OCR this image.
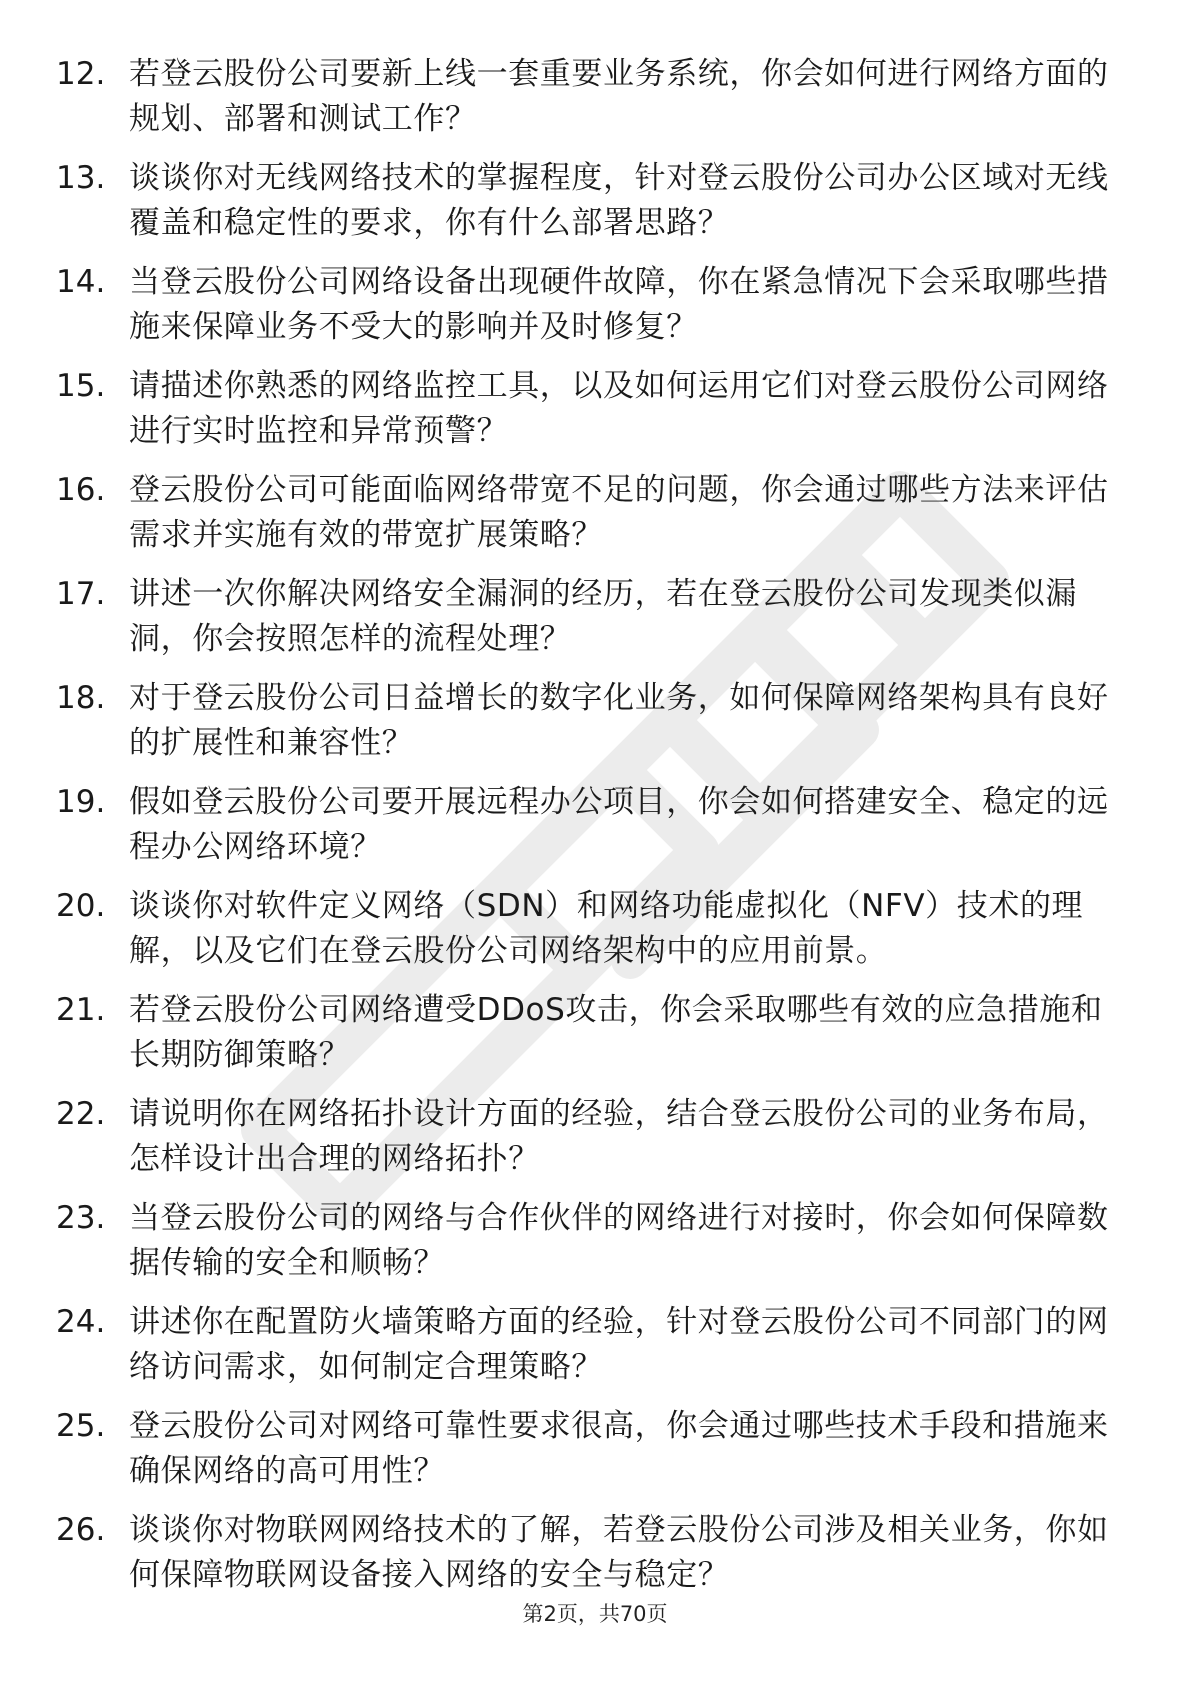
12. 若登云股份公司要新上线一套重要业务系统，你会如何进行网络方面的规划、部署和测试工作？
13. 谈谈你对无线网络技术的掌握程度，针对登云股份公司办公区域对无线覆盖和稳定性的要求，你有什么部署思路？
14. 当登云股份公司网络设备出现硬件故障，你在紧急情况下会采取哪些措施来保障业务不受大的影响并及时修复？
15. 请描述你熟悉的网络监控工具，以及如何运用它们对登云股份公司网络进行实时监控和异常预警？
16. 登云股份公司可能面临网络带宽不足的问题，你会通过哪些方法来评估需求并实施有效的带宽扩展策略？
17. 讲述一次你解决网络安全漏洞的经历，若在登云股份公司发现类似漏洞，你会按照怎样的流程处理？
18. 对于登云股份公司日益增长的数字化业务，如何保障网络架构具有良好的扩展性和兼容性？
19. 假如登云股份公司要开展远程办公项目，你会如何搭建安全、稳定的远程办公网络环境？
20. 谈谈你对软件定义网络（SDN）和网络功能虚拟化（NFV）技术的理解，以及它们在登云股份公司网络架构中的应用前景。
21. 若登云股份公司网络遭受DDoS攻击，你会采取哪些有效的应急措施和长期防御策略？
22. 请说明你在网络拓扑设计方面的经验，结合登云股份公司的业务布局，怎样设计出合理的网络拓扑？
23. 当登云股份公司的网络与合作伙伴的网络进行对接时，你会如何保障数据传输的安全和顺畅？
24. 讲述你在配置防火墙策略方面的经验，针对登云股份公司不同部门的网络访问需求，如何制定合理策略？
25. 登云股份公司对网络可靠性要求很高，你会通过哪些技术手段和措施来确保网络的高可用性？
26. 谈谈你对物联网网络技术的了解，若登云股份公司涉及相关业务，你如何保障物联网设备接入网络的安全与稳定？
第2页，共70页
